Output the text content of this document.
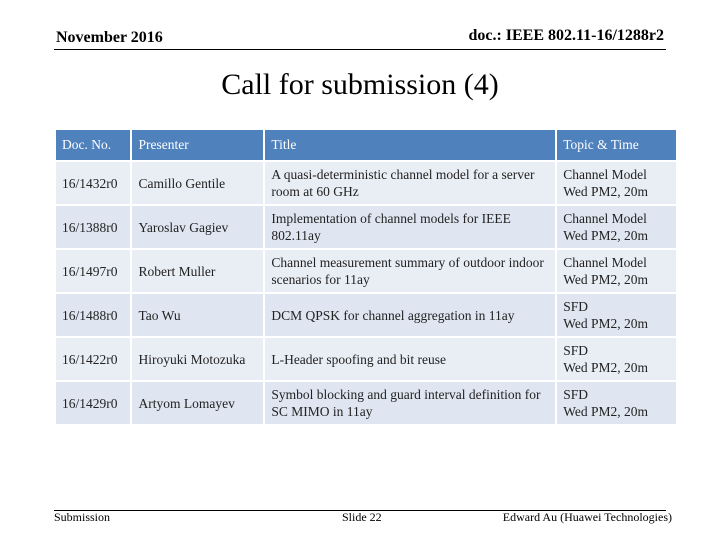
November 2016	doc.: IEEE 802.11-16/1288r2
Call for submission (4)
Doc. No.	Presenter	Title	Topic & Time
16/1432r0	Camillo Gentile	A quasi-deterministic channel model for a server room at 60 GHz	Channel Model
Wed PM2, 20m

16/1388r0	Yaroslav Gagiev	Implementation of channel models for IEEE 802.11ay	Channel Model
Wed PM2, 20m

16/1497r0	Robert Muller	Channel measurement summary of outdoor indoor scenarios for 11ay	Channel Model
Wed PM2, 20m

16/1488r0	Tao Wu	DCM QPSK for channel aggregation in 11ay	SFD
Wed PM2, 20m

16/1422r0	Hiroyuki Motozuka	L-Header spoofing and bit reuse	SFD
Wed PM2, 20m

16/1429r0	Artyom Lomayev	Symbol blocking and guard interval definition for SC MIMO in 11ay	SFD
Wed PM2, 20m
Submission	Slide 22	Edward Au (Huawei Technologies)
